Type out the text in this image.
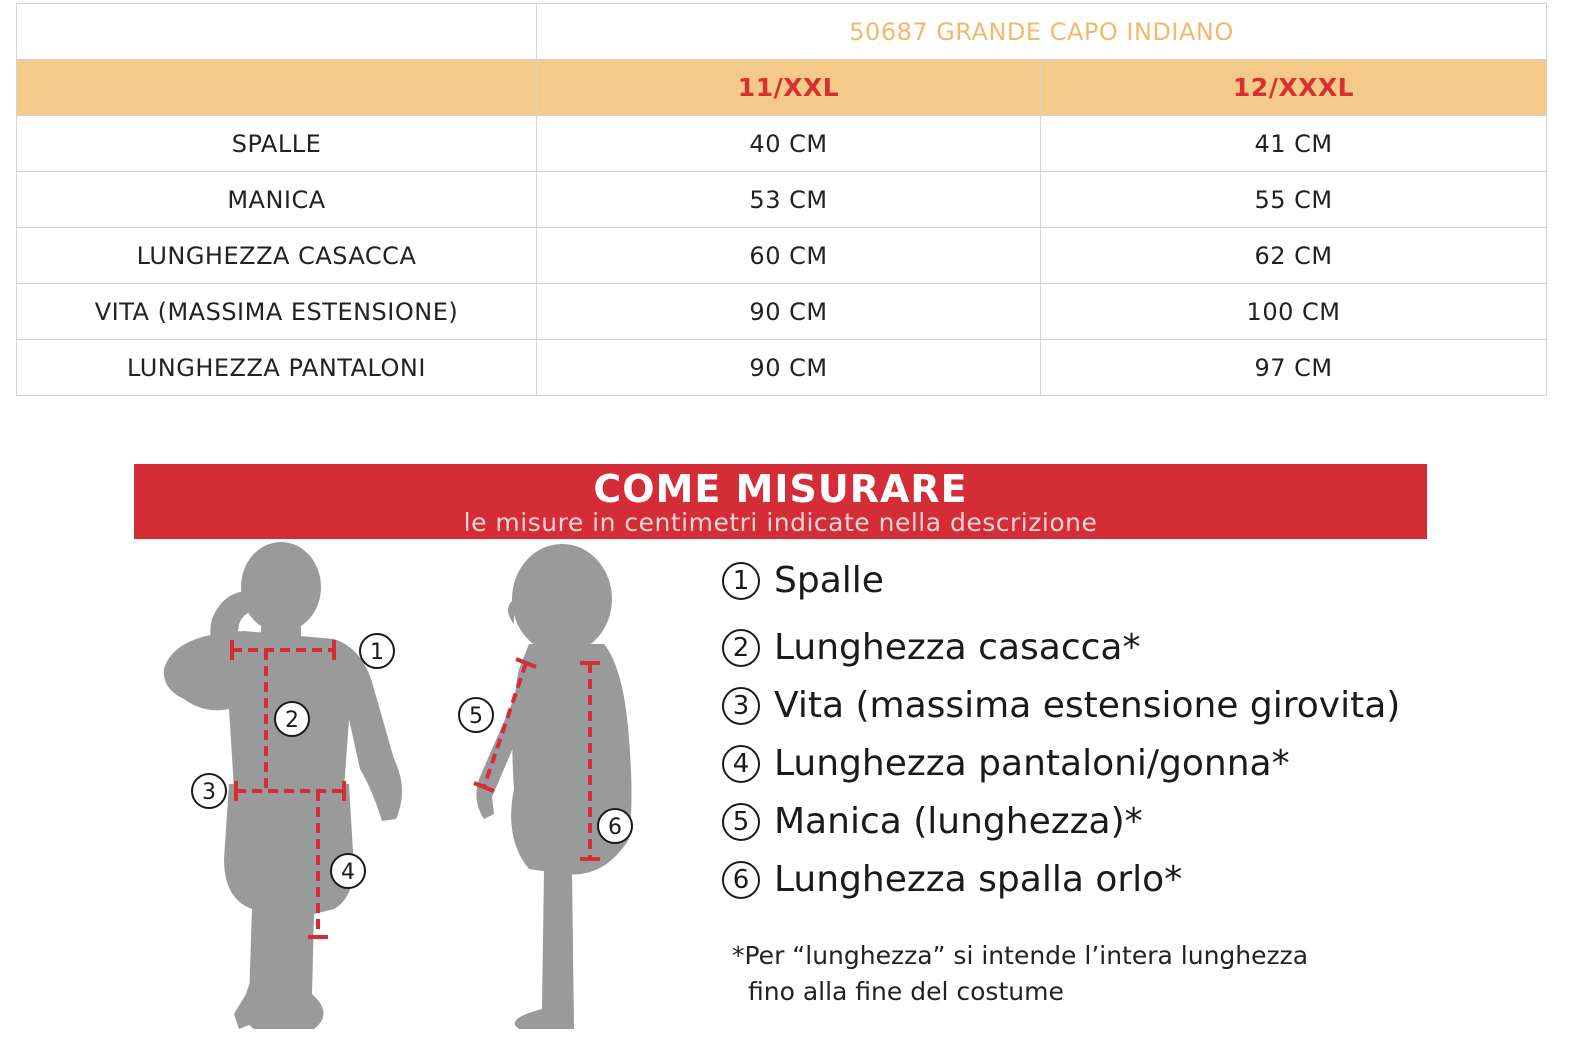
	50687 GRANDE CAPO INDIANO	
	11/XXL	12/XXXL
SPALLE	40 CM	41 CM
MANICA	53 CM	55 CM
LUNGHEZZA CASACCA	60 CM	62 CM
VITA (MASSIMA ESTENSIONE)	90 CM	100 CM
LUNGHEZZA PANTALONI	90 CM	97 CM
COME MISURARE
le misure in centimetri indicate nella descrizione
1
2
3
4
5
6
1 Spalle
2 Lunghezza casacca*
3 Vita (massima estensione girovita)
4 Lunghezza pantaloni/gonna*
5 Manica (lunghezza)*
6 Lunghezza spalla orlo*
*Per “lunghezza” si intende l’intera lunghezza
fino alla fine del costume
